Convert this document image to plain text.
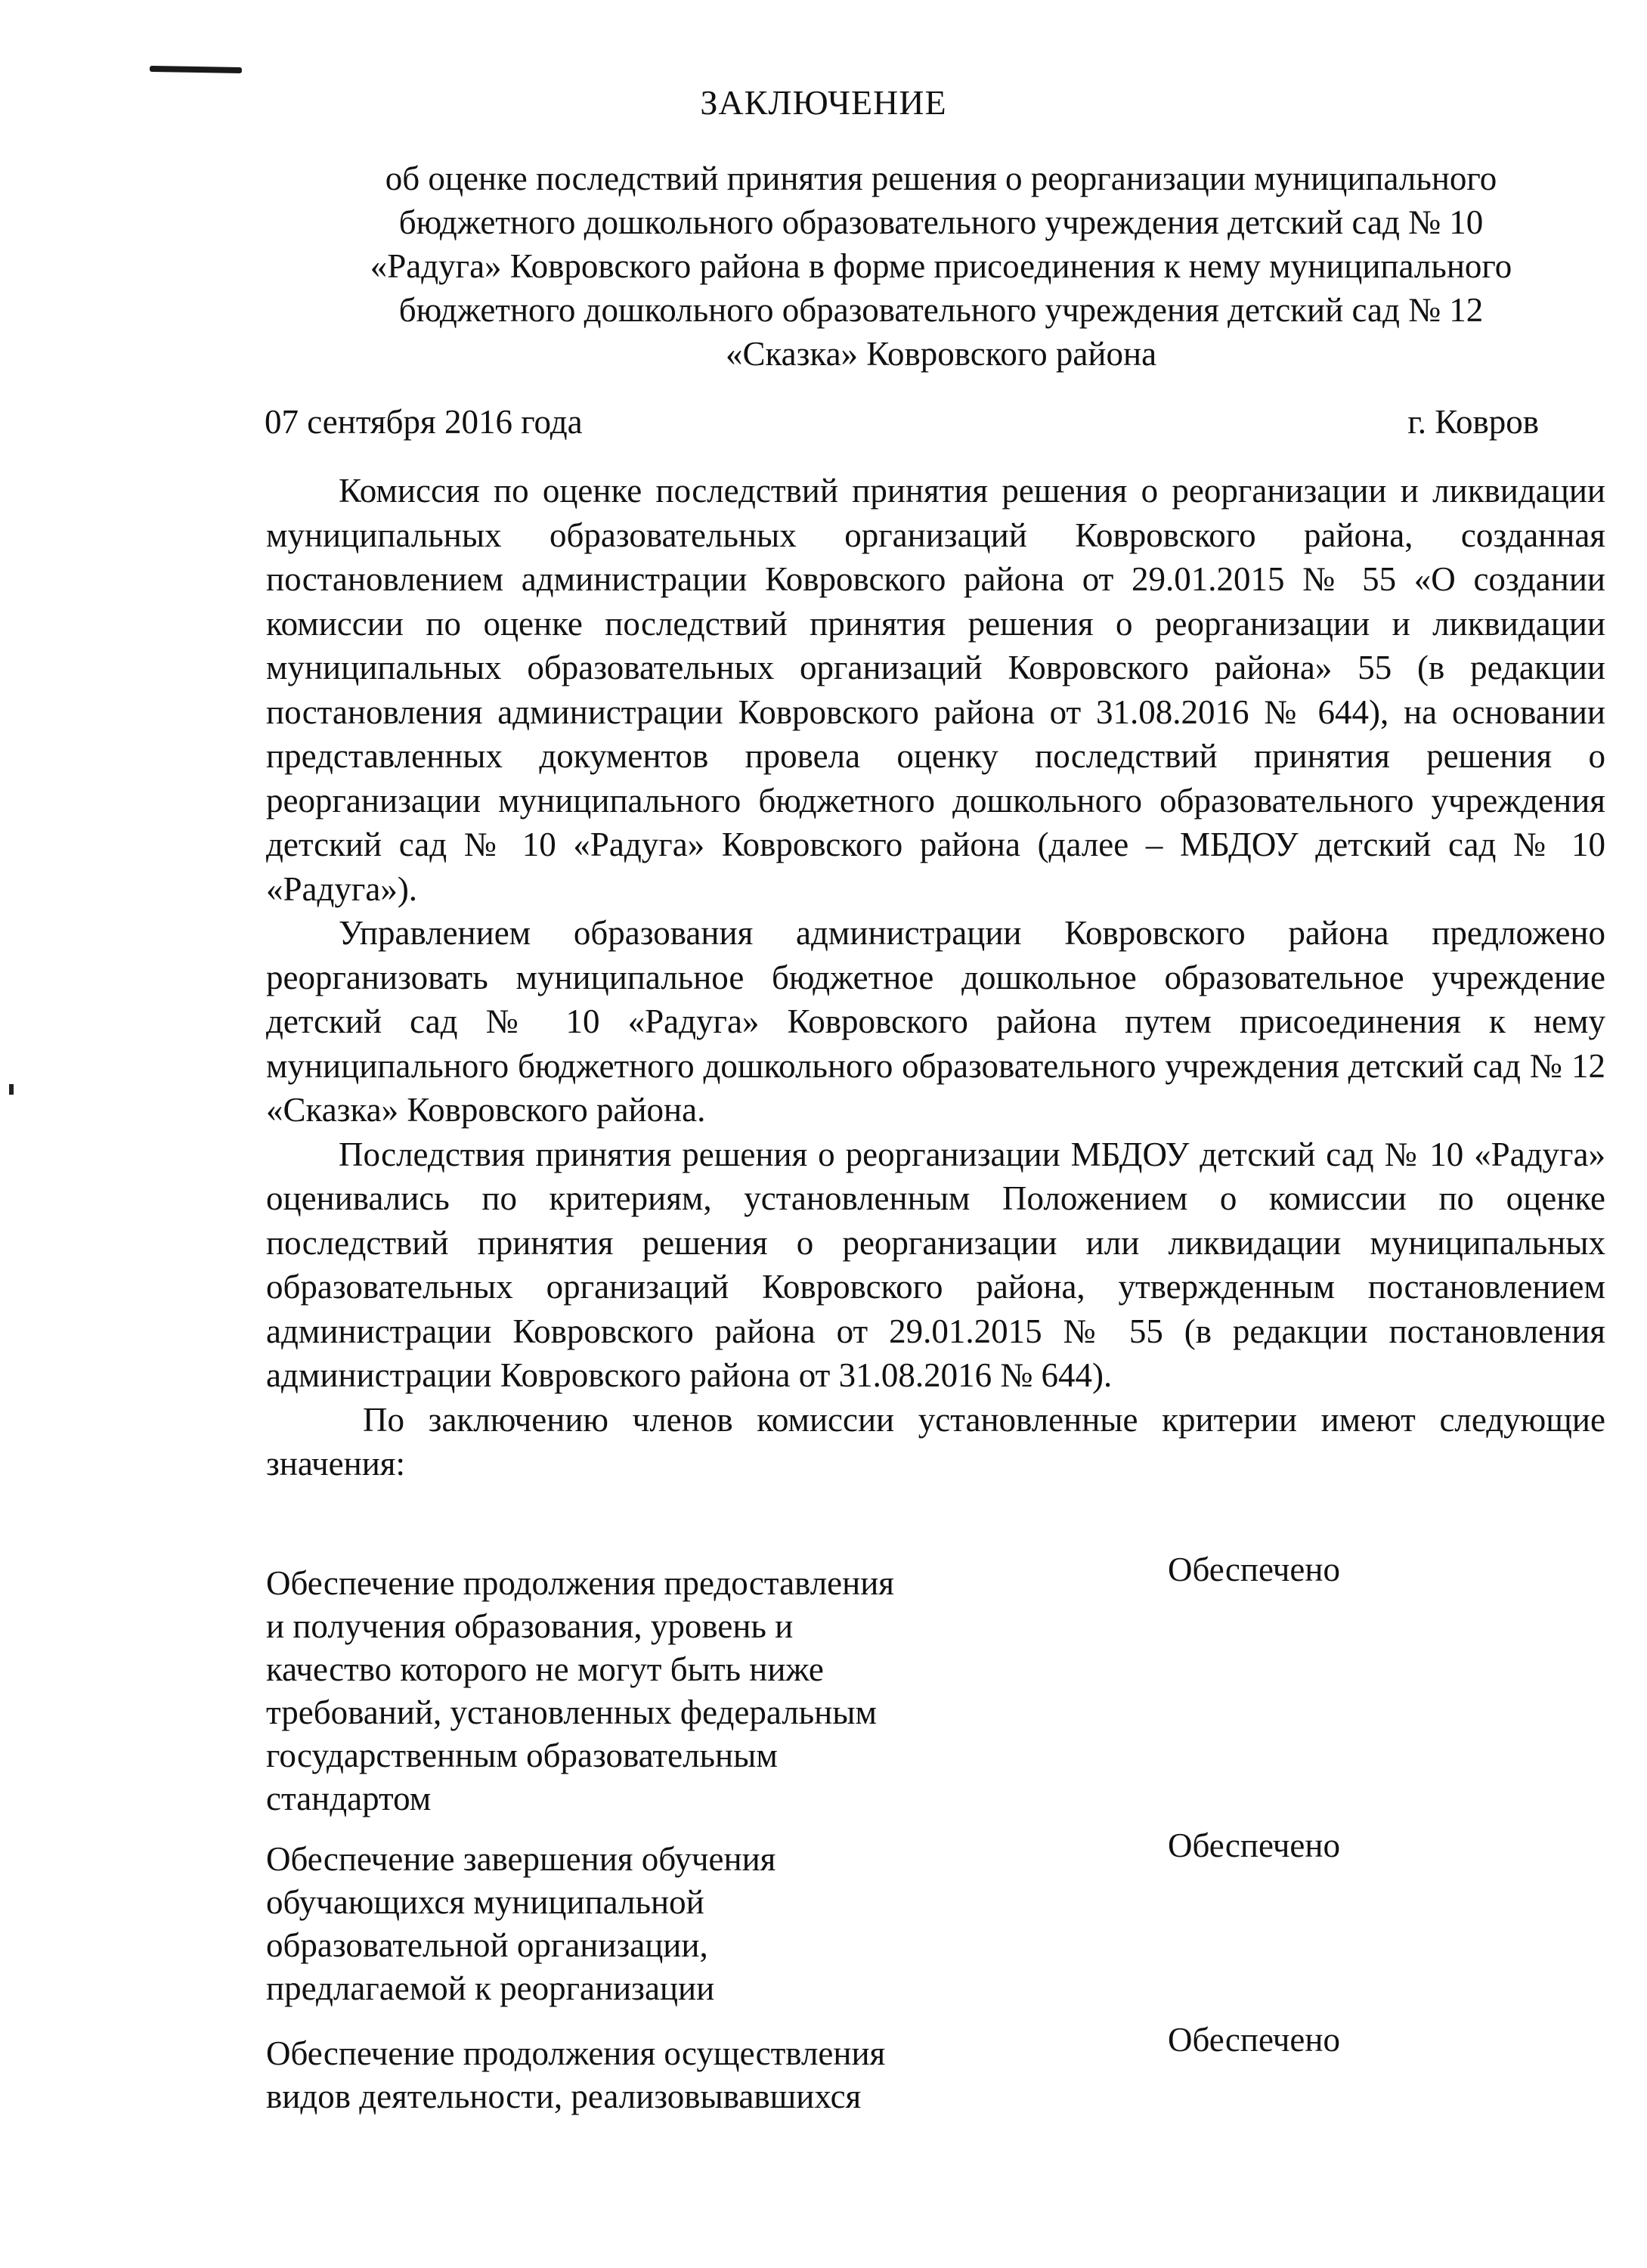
ЗАКЛЮЧЕНИЕ
об оценке последствий принятия решения о реорганизации муниципального
бюджетного дошкольного образовательного учреждения детский сад № 10
«Радуга» Ковровского района в форме присоединения к нему муниципального
бюджетного дошкольного образовательного учреждения детский сад № 12
«Сказка» Ковровского района
07 сентября 2016 года	г. Ковров

Комиссия по оценке последствий принятия решения о реорганизации и ликвидации муниципальных образовательных организаций Ковровского района, созданная постановлением администрации Ковровского района от 29.01.2015 № 55 «О создании комиссии по оценке последствий принятия решения о реорганизации и ликвидации муниципальных образовательных организаций Ковровского района» 55 (в редакции постановления администрации Ковровского района от 31.08.2016 № 644), на основании представленных документов провела оценку последствий принятия решения о реорганизации муниципального бюджетного дошкольного образовательного учреждения детский сад № 10 «Радуга» Ковровского района (далее – МБДОУ детский сад № 10 «Радуга»).

Управлением образования администрации Ковровского района предложено реорганизовать муниципальное бюджетное дошкольное образовательное учреждение детский сад № 10 «Радуга» Ковровского района путем присоединения к нему муниципального бюджетного дошкольного образовательного учреждения детский сад № 12 «Сказка» Ковровского района.

Последствия принятия решения о реорганизации МБДОУ детский сад № 10 «Радуга» оценивались по критериям, установленным Положением о комиссии по оценке последствий принятия решения о реорганизации или ликвидации муниципальных образовательных организаций Ковровского района, утвержденным постановлением администрации Ковровского района от 29.01.2015 № 55 (в редакции постановления администрации Ковровского района от 31.08.2016 № 644).

По заключению членов комиссии установленные критерии имеют следующие значения:

Обеспечение продолжения предоставления
и получения образования, уровень и
качество которого не могут быть ниже
требований, установленных федеральным
государственным образовательным
стандартом
Обеспечено
Обеспечение завершения обучения
обучающихся муниципальной
образовательной организации,
предлагаемой к реорганизации
Обеспечено
Обеспечение продолжения осуществления
видов деятельности, реализовывавшихся
Обеспечено
